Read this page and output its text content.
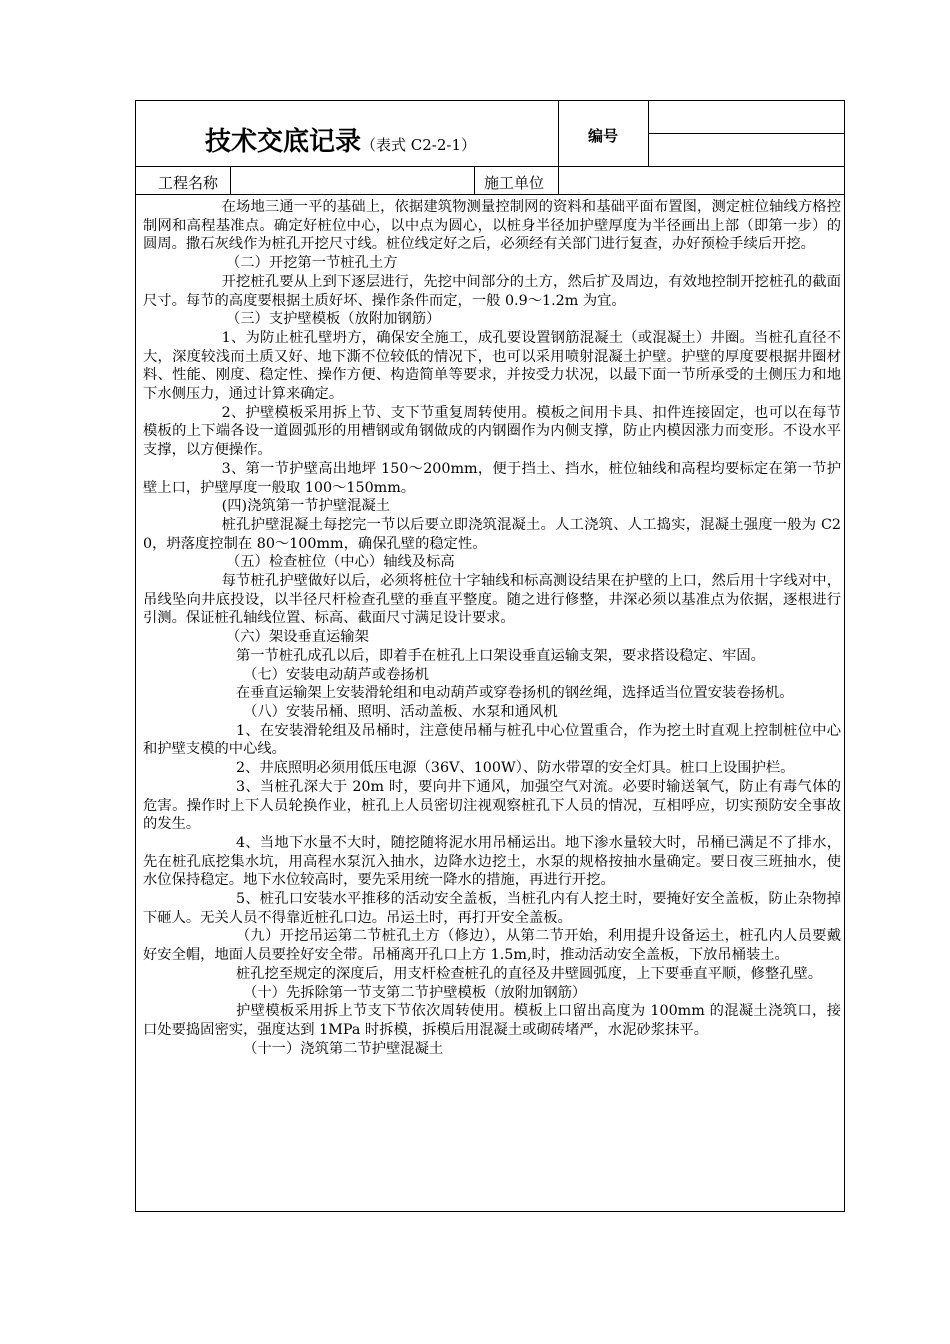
技术交底记录（表式 C2-2-1）	编号
工程名称	施工单位

在场地三通一平的基础上，依据建筑物测量控制网的资料和基础平面布置图，测定桩位轴线方格控制网和高程基准点。确定好桩位中心，以中点为圆心，以桩身半径加护壁厚度为半径画出上部（即第一步）的圆周。撒石灰线作为桩孔开挖尺寸线。桩位线定好之后，必须经有关部门进行复查，办好预检手续后开挖。

（二）开挖第一节桩孔土方

开挖桩孔要从上到下逐层进行，先挖中间部分的土方，然后扩及周边，有效地控制开挖桩孔的截面尺寸。每节的高度要根据土质好坏、操作条件而定，一般 0.9～1.2m 为宜。

（三）支护壁模板（放附加钢筋）

1、为防止桩孔壁坍方，确保安全施工，成孔要设置钢筋混凝土（或混凝土）井圈。当桩孔直径不大，深度较浅而土质又好、地下澌不位较低的情况下，也可以采用喷射混凝土护壁。护壁的厚度要根据井圈材料、性能、刚度、稳定性、操作方便、构造简单等要求，并按受力状况，以最下面一节所承受的土侧压力和地下水侧压力，通过计算来确定。

2、护壁模板采用拆上节、支下节重复周转使用。模板之间用卡具、扣件连接固定，也可以在每节模板的上下端各设一道圆弧形的用槽钢或角钢做成的内钢圈作为内侧支撑，防止内模因涨力而变形。不设水平支撑，以方便操作。

3、第一节护壁高出地坪 150～200mm，便于挡土、挡水，桩位轴线和高程均要标定在第一节护壁上口，护壁厚度一般取 100～150mm。

(四)浇筑第一节护壁混凝土

桩孔护壁混凝土每挖完一节以后要立即浇筑混凝土。人工浇筑、人工捣实，混凝土强度一般为 C20，坍落度控制在 80～100mm，确保孔壁的稳定性。

（五）检查桩位（中心）轴线及标高

每节桩孔护壁做好以后，必须将桩位十字轴线和标高测设结果在护壁的上口，然后用十字线对中，吊线坠向井底投设，以半径尺杆检查孔壁的垂直平整度。随之进行修整，井深必须以基准点为依据，逐根进行引测。保证桩孔轴线位置、标高、截面尺寸满足设计要求。

（六）架设垂直运输架

第一节桩孔成孔以后，即着手在桩孔上口架设垂直运输支架，要求搭设稳定、牢固。

（七）安装电动葫芦或卷扬机

在垂直运输架上安装滑轮组和电动葫芦或穿卷扬机的钢丝绳，选择适当位置安装卷扬机。

（八）安装吊桶、照明、活动盖板、水泵和通风机

1、在安装滑轮组及吊桶时，注意使吊桶与桩孔中心位置重合，作为挖土时直观上控制桩位中心和护壁支模的中心线。

2、井底照明必须用低压电源（36V、100W）、防水带罩的安全灯具。桩口上设围护栏。

3、当桩孔深大于 20m 时，要向井下通风，加强空气对流。必要时输送氧气，防止有毒气体的危害。操作时上下人员轮换作业，桩孔上人员密切注视观察桩孔下人员的情况，互相呼应，切实预防安全事故的发生。

4、当地下水量不大时，随挖随将泥水用吊桶运出。地下渗水量较大时，吊桶已满足不了排水，先在桩孔底挖集水坑，用高程水泵沉入抽水，边降水边挖土，水泵的规格按抽水量确定。要日夜三班抽水，使水位保持稳定。地下水位较高时，要先采用统一降水的措施，再进行开挖。

5、桩孔口安装水平推移的活动安全盖板，当桩孔内有人挖土时，要掩好安全盖板，防止杂物掉下砸人。无关人员不得靠近桩孔口边。吊运土时，再打开安全盖板。

（九）开挖吊运第二节桩孔土方（修边），从第二节开始，利用提升设备运土，桩孔内人员要戴好安全帽，地面人员要拴好安全带。吊桶离开孔口上方 1.5m,时，推动活动安全盖板，下放吊桶装土。

桩孔挖至规定的深度后，用支杆检查桩孔的直径及井壁圆弧度，上下要垂直平顺，修整孔壁。

（十）先拆除第一节支第二节护壁模板（放附加钢筋）

护壁模板采用拆上节支下节依次周转使用。模板上口留出高度为 100mm 的混凝土浇筑口，接口处要捣固密实，强度达到 1MPa 时拆模，拆模后用混凝土或砌砖堵严，水泥砂浆抹平。

（十一）浇筑第二节护壁混凝土
